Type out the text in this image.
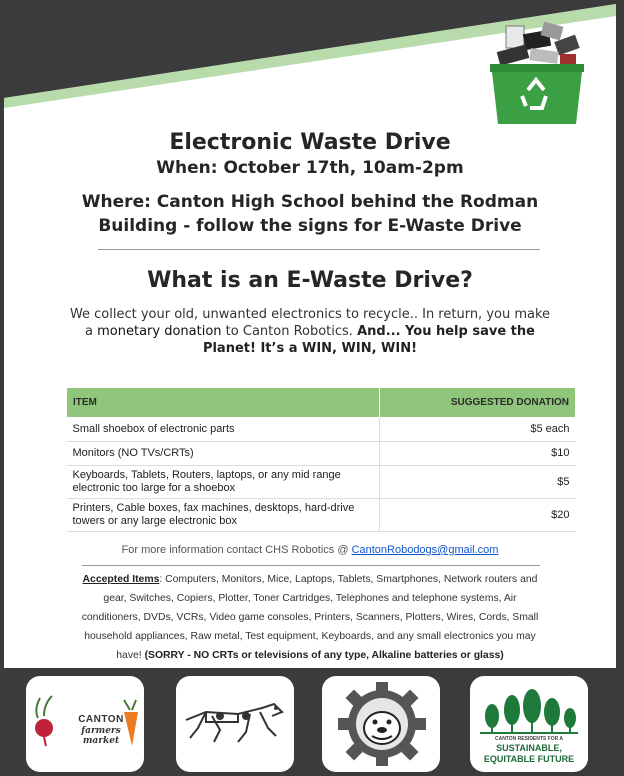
Electronic Waste Drive
When: October 17th, 10am-2pm
Where: Canton High School behind the Rodman
Building - follow the signs for E-Waste Drive
What is an E-Waste Drive?
We collect your old, unwanted electronics to recycle.. In return, you make a monetary donation to Canton Robotics. And... You help save the Planet! It’s a WIN, WIN, WIN!
ITEM	SUGGESTED DONATION
Small shoebox of electronic parts	$5 each
Monitors (NO TVs/CRTs)	$10
Keyboards, Tablets, Routers, laptops, or any mid range electronic too large for a shoebox	$5
Printers, Cable boxes, fax machines, desktops, hard-drive towers or any large electronic box	$20
For more information contact CHS Robotics @ CantonRobodogs@gmail.com
Accepted Items: Computers, Monitors, Mice, Laptops, Tablets, Smartphones, Network routers and gear, Switches, Copiers, Plotter, Toner Cartridges, Telephones and telephone systems, Air conditioners, DVDs, VCRs, Video game consoles, Printers, Scanners, Plotters, Wires, Cords, Small household appliances, Raw metal, Test equipment, Keyboards, and any small electronics you may have! (SORRY - NO CRTs or televisions of any type, Alkaline batteries or glass)
CANTON
farmers market	CANTON RESIDENTS FOR A
SUSTAINABLE,
EQUITABLE FUTURE
